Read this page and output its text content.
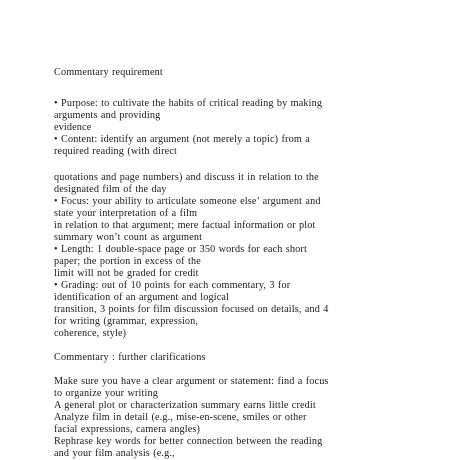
Commentary requirement
• Purpose: to cultivate the habits of critical reading by making
arguments and providing
evidence
• Content: identify an argument (not merely a topic) from a
required reading (with direct
quotations and page numbers) and discuss it in relation to the
designated film of the day
• Focus: your ability to articulate someone else’ argument and
state your interpretation of a film
in relation to that argument; mere factual information or plot
summary won’t count as argument
• Length: 1 double-space page or 350 words for each short
paper; the portion in excess of the
limit will not be graded for credit
• Grading: out of 10 points for each commentary, 3 for
identification of an argument and logical
transition, 3 points for film discussion focused on details, and 4
for writing (grammar, expression,
coherence, style)
Commentary : further clarifications
Make sure you have a clear argument or statement: find a focus
to organize your writing
A general plot or characterization summary earns little credit
Analyze film in detail (e.g., mise-en-scene, smiles or other
facial expressions, camera angles)
Rephrase key words for better connection between the reading
and your film analysis (e.g.,
